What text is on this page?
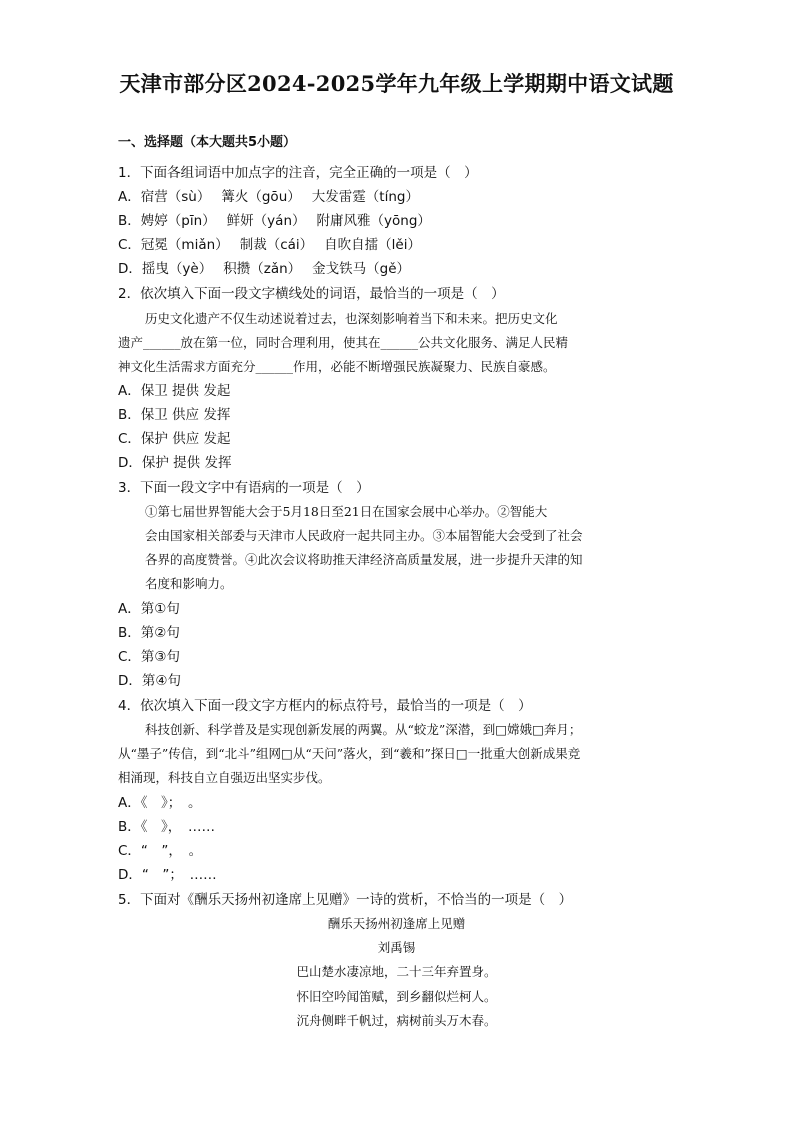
天津市部分区2024-2025学年九年级上学期期中语文试题
一、选择题（本大题共5小题）
1．下面各组词语中加点字的注音，完全正确的一项是（　）
A．宿营（sù）　 篝火（gōu）　 大发雷霆（tíng）
B．娉婷（pīn）　 鲜妍（yán）　 附庸风雅（yōng）
C．冠冕（miǎn）　 制裁（cái）　 自吹自擂（lěi）
D．摇曳（yè）　 积攒（zǎn）　 金戈铁马（gě）
2．依次填入下面一段文字横线处的词语，最恰当的一项是（　）
历史文化遗产不仅生动述说着过去，也深刻影响着当下和未来。把历史文化
遗产______放在第一位，同时合理利用，使其在______公共文化服务、满足人民精
神文化生活需求方面充分______作用，必能不断增强民族凝聚力、民族自豪感。
A．保卫 提供 发起
B．保卫 供应 发挥
C．保护 供应 发起
D．保护 提供 发挥
3．下面一段文字中有语病的一项是（　）
①第七届世界智能大会于5月18日至21日在国家会展中心举办。②智能大
会由国家相关部委与天津市人民政府一起共同主办。③本届智能大会受到了社会
各界的高度赞誉。④此次会议将助推天津经济高质量发展，进一步提升天津的知
名度和影响力。
A．第①句
B．第②句
C．第③句
D．第④句
4．依次填入下面一段文字方框内的标点符号，最恰当的一项是（　）
科技创新、科学普及是实现创新发展的两翼。从“蛟龙”深潜，到□嫦娥□奔月；
从“墨子”传信，到“北斗”组网□从“天问”落火，到“羲和”探日□一批重大创新成果竞
相涌现，科技自立自强迈出坚实步伐。
A．《　》；　。
B．《　》，　……
C．“　”，　。
D．“　”；　……
5．下面对《酬乐天扬州初逢席上见赠》一诗的赏析，不恰当的一项是（　）
酬乐天扬州初逢席上见赠
刘禹锡
巴山楚水凄凉地，二十三年弃置身。
怀旧空吟闻笛赋，到乡翻似烂柯人。
沉舟侧畔千帆过，病树前头万木春。
